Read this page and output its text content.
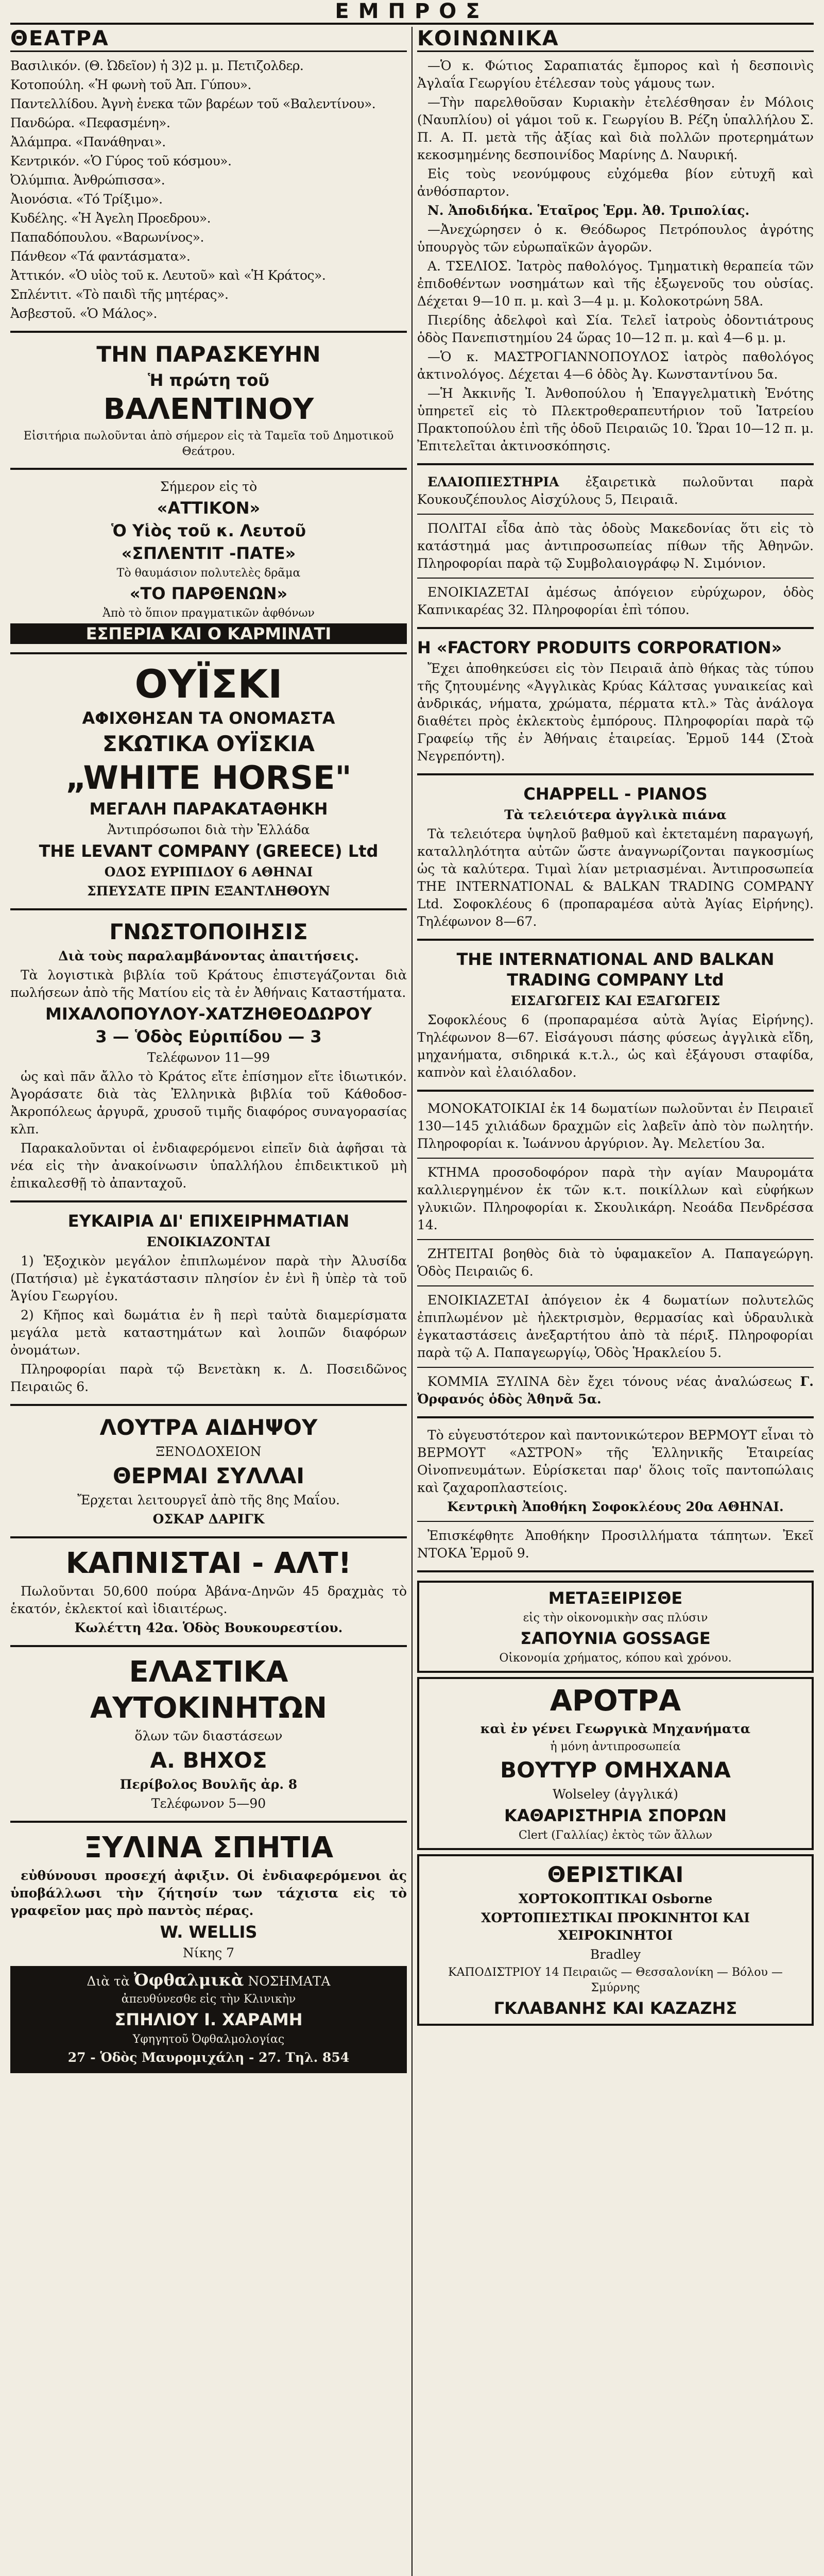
ΕΜΠΡΟΣ
ΘΕΑΤΡΑ

Βασιλικόν. (Θ. Ὠδεῖον) ἡ 3)2 μ. μ. Πετιζολδερ.

Κοτοπούλη. «Ἡ φωνὴ τοῦ Ἀπ. Γύπου».

Παντελλίδου. Ἀγνὴ ἑνεκα τῶν βαρέων τοῦ «Βαλεντίνου».

Πανδώρα. «Πεφασμένη».

Ἀλάμπρα. «Πανάθηναι».

Κεντρικόν. «Ὁ Γύρος τοῦ κόσμου».

Ὀλύμπια. Ἀνθρώπισσα».

Ἀιονόσια. «Τό Τρίξιμο».

Κυδέλης. «Ἡ Ἀγελη Προεδρου».

Παπαδόπουλου. «Βαρωνίνος».

Πάνθεον «Τά φαντάσματα».

Ἀττικόν. «Ὁ υἱὸς τοῦ κ. Λευτοῦ» καὶ «Ἡ Κράτος».

Σπλέντιτ. «Τὸ παιδὶ τῆς μητέρας».

Ἀσβεστοῦ. «Ὁ Μάλος».

ΤΗΝ ΠΑΡΑΣΚΕΥΗΝ
Ἡ πρώτη τοῦ
ΒΑΛΕΝΤΙΝΟΥ

Εἰσιτήρια πωλοῦνται ἀπὸ σήμερον εἰς τὰ Ταμεῖα τοῦ Δημοτικοῦ Θεάτρου.

Σήμερον εἰς τὸ

«ΑΤΤΙΚΟΝ»
Ὁ Υἱὸς τοῦ κ. Λευτοῦ
«ΣΠΛΕΝΤΙΤ -ΠΑΤΕ»

Τὸ θαυμάσιον πολυτελὲς δρᾶμα

«ΤΟ ΠΑΡΘΕΝΩΝ»

Ἀπὸ τὸ ὅπιον πραγματικῶν ἀφθόνων

ΕΣΠΕΡΙΑ ΚΑΙ Ο ΚΑΡΜΙΝΑΤΙ
ΟΥΪΣΚΙ
ΑΦΙΧΘΗΣΑΝ ΤΑ ΟΝΟΜΑΣΤΑ
ΣΚΩΤΙΚΑ ΟΥΪΣΚΙΑ
„WHITE HORSE"
ΜΕΓΑΛΗ ΠΑΡΑΚΑΤΑΘΗΚΗ

Ἀντιπρόσωποι διὰ τὴν Ἑλλάδα

THE LEVANT COMPANY (GREECE) Ltd

ΟΔΟΣ ΕΥΡΙΠΙΔΟΥ 6 ΑΘΗΝΑΙ

ΣΠΕΥΣΑΤΕ ΠΡΙΝ ΕΞΑΝΤΛΗΘΟΥΝ

ΓΝΩΣΤΟΠΟΙΗΣΙΣ

Διὰ τοὺς παραλαμβάνοντας ἀπαιτήσεις.

Τὰ λογιστικὰ βιβλία τοῦ Κράτους ἐπιστεγάζονται διὰ πωλήσεων ἀπὸ τῆς Ματίου εἰς τὰ ἐν Ἀθήναις Καταστήματα.

ΜΙΧΑΛΟΠΟΥΛΟΥ-ΧΑΤΖΗΘΕΟΔΩΡΟΥ
3 — Ὁδὸς Εὐριπίδου — 3

Τελέφωνον 11—99

ὡς καὶ πᾶν ἄλλο τὸ Κράτος εἴτε ἐπίσημον εἴτε ἰδιωτικόν. Ἀγοράσατε διὰ τὰς Ἐλληνικὰ βιβλία τοῦ Κάθοδοσ-Ἀκροπόλεως ἀργυρᾶ, χρυσοῦ τιμῆς διαφόρος συναγορασίας κλπ.

Παρακαλοῦνται οἱ ἐνδιαφερόμενοι εἰπεῖν διὰ ἀφῆσαι τὰ νέα εἰς τὴν ἀνακοίνωσιν ὑπαλλήλου ἐπιδεικτικοῦ μὴ ἐπικαλεσθῇ τὸ ἀπανταχοῦ.

ΕΥΚΑΙΡΙΑ ΔΙ' ΕΠΙΧΕΙΡΗΜΑΤΙΑΝ

ΕΝΟΙΚΙΑΖΟΝΤΑΙ

1) Ἑξοχικὸν μεγάλον ἐπιπλωμένον παρὰ τὴν Ἀλυσίδα (Πατήσια) μὲ ἐγκατάστασιν πλησίον ἐν ἑνὶ ἢ ὑπὲρ τὰ τοῦ Ἁγίου Γεωργίου.

2) Κῆπος καὶ δωμάτια ἐν ἢ περὶ ταὐτὰ διαμερίσματα μεγάλα μετὰ καταστημάτων καὶ λοιπῶν διαφόρων ὀνομάτων.

Πληροφορίαι παρὰ τῷ Βενετὰκη κ. Δ. Ποσειδῶνος Πειραιῶς 6.

ΛΟΥΤΡΑ ΑΙΔΗΨΟΥ

ΞΕΝΟΔΟΧΕΙΟΝ

ΘΕΡΜΑΙ ΣΥΛΛΑΙ

Ἔρχεται λειτουργεῖ ἀπὸ τῆς 8ης Μαΐου.

ΟΣΚΑΡ ΔΑΡΙΓΚ

ΚΑΠΝΙΣΤΑΙ - ΑΛΤ!

Πωλοῦνται 50,600 πούρα Ἀβάνα-Δηνῶν 45 δραχμὰς τὸ ἑκατόν, ἐκλεκτοί καὶ ἰδιαιτέρως.

Κωλέττη 42α. Ὁδὸς Βουκουρεστίου.

ΕΛΑΣΤΙΚΑ
ΑΥΤΟΚΙΝΗΤΩΝ

ὅλων τῶν διαστάσεων

Α. ΒΗΧΟΣ

Περίβολος Βουλῆς ἀρ. 8

Τελέφωνον 5—90

ΞΥΛΙΝΑ ΣΠΗΤΙΑ

εὐθύνουσι προσεχή ἀφιξιν. Οἱ ἐνδιαφερόμενοι ἀς ὑποβάλλωσι τὴν ζήτησίν των τάχιστα εἰς τὸ γραφεῖον μας πρὸ παντὸς πέρας.

W. WELLIS

Νίκης 7

Διὰ τὰ Ὀφθαλμικὰ ΝΟΣΗΜΑΤΑ

ἀπευθύνεσθε εἰς τὴν Κλινικὴν

ΣΠΗΛΙΟΥ Ι. ΧΑΡΑΜΗ

Υφηγητοῦ Ὀφθαλμολογίας

27 - Ὁδὸς Μαυρομιχάλη - 27. Τηλ. 854

ΚΟΙΝΩΝΙΚΑ

—Ὁ κ. Φώτιος Σαραπιατάς ἔμπορος καὶ ἡ δεσποινὶς Ἀγλαΐα Γεωργίου ἐτέλεσαν τοὺς γάμους των.

—Τὴν παρελθοῦσαν Κυριακὴν ἐτελέσθησαν ἐν Μόλοις (Ναυπλίου) οἱ γάμοι τοῦ κ. Γεωργίου Β. Ρέζη ὑπαλλήλου Σ. Π. Α. Π. μετὰ τῆς ἀξίας καὶ διὰ πολλῶν προτερημάτων κεκοσμημένης δεσποινίδος Μαρίνης Δ. Ναυρική.

Εἰς τοὺς νεονύμφους εὐχόμεθα βίον εὐτυχῆ καὶ ἀνθόσπαρτον.

Ν. Ἀποδιδήκα. Ἑταῖρος Ἑρμ. Ἀθ. Τριπολίας.

—Ἀνεχώρησεν ὁ κ. Θεόδωρος Πετρόπουλος ἀγρότης ὑπουργὸς τῶν εὐρωπαϊκῶν ἀγορῶν.

Α. ΤΣΕΛΙΟΣ. Ἰατρὸς παθολόγος. Τμηματικὴ θεραπεία τῶν ἐπιδοθέντων νοσημάτων καὶ τῆς ἐξωγενοῦς του οὐσίας. Δέχεται 9—10 π. μ. καὶ 3—4 μ. μ. Κολοκοτρώνη 58Α.

Πιερίδης ἀδελφοὶ καὶ Σία. Τελεῖ ἰατροὺς ὀδοντιάτρους ὁδὸς Πανεπιστημίου 24 ὥρας 10—12 π. μ. καὶ 4—6 μ. μ.

—Ὁ κ. ΜΑΣΤΡΟΓΙΑΝΝΟΠΟΥΛΟΣ ἰατρὸς παθολόγος ἀκτινολόγος. Δέχεται 4—6 ὁδὸς Ἀγ. Κωνσταντίνου 5α.

—Ἡ Ἀκκινῆς Ἰ. Ἀνθοπούλου ἡ Ἐπαγγελματικὴ Ἑνότης ὑπηρετεῖ εἰς τὸ Πλεκτροθεραπευτήριον τοῦ Ἰατρείου Πρακτοπούλου ἐπὶ τῆς ὁδοῦ Πειραιῶς 10. Ὥραι 10—12 π. μ. Ἐπιτελεῖται ἀκτινοσκόπησις.

ΕΛΑΙΟΠΙΕΣΤΗΡΙΑ ἐξαιρετικὰ πωλοῦνται παρὰ Κουκουζέπουλος Αἰσχύλους 5, Πειραιᾶ.

ΠΟΛΙΤΑΙ εἶδα ἀπὸ τὰς ὁδοὺς Μακεδονίας ὅτι εἰς τὸ κατάστημά μας ἀντιπροσωπείας πίθων τῆς Ἀθηνῶν. Πληροφορίαι παρὰ τῷ Συμβολαιογράφῳ Ν. Σιμόνιον.

ΕΝΟΙΚΙΑΖΕΤΑΙ ἀμέσως ἀπόγειον εὐρύχωρον, ὁδὸς Καπνικαρέας 32. Πληροφορίαι ἐπὶ τόπου.

Η «FACTORY PRODUITS CORPORATION»

Ἔχει ἀποθηκεύσει εἰς τὸν Πειραιᾶ ἀπὸ θήκας τὰς τύπου τῆς ζητουμένης «Ἀγγλικὰς Κρύας Κάλτσας γυναικείας καὶ ἀνδρικάς, νήματα, χρώματα, πέρματα κτλ.» Τὰς ἀνάλογα διαθέτει πρὸς ἐκλεκτοὺς ἐμπόρους. Πληροφορίαι παρὰ τῷ Γραφείῳ τῆς ἐν Ἀθήναις ἑταιρείας. Ἑρμοῦ 144 (Στοὰ Νεγρεπόντη).

CHAPPELL - PIANOS

Τὰ τελειότερα ἀγγλικὰ πιάνα

Τὰ τελειότερα ὑψηλοῦ βαθμοῦ καὶ ἐκτεταμένη παραγωγή, καταλληλότητα αὐτῶν ὥστε ἀναγνωρίζονται παγκοσμίως ὡς τὰ καλύτερα. Τιμαὶ λίαν μετριασμέναι. Ἀντιπροσωπεία THE INTERNATIONAL & BALKAN TRADING COMPANY Ltd. Σοφοκλέους 6 (προπαραμέσα αὐτὰ Ἁγίας Εἰρήνης). Τηλέφωνον 8—67.

THE INTERNATIONAL AND BALKAN TRADING COMPANY Ltd

ΕΙΣΑΓΩΓΕΙΣ ΚΑΙ ΕΞΑΓΩΓΕΙΣ

Σοφοκλέους 6 (προπαραμέσα αὐτὰ Ἁγίας Εἰρήνης). Τηλέφωνον 8—67. Εἰσάγουσι πάσης φύσεως ἀγγλικὰ εἴδη, μηχανήματα, σιδηρικά κ.τ.λ., ὡς καὶ ἐξάγουσι σταφίδα, καπνὸν καὶ ἐλαιόλαδον.

ΜΟΝΟΚΑΤΟΙΚΙΑΙ ἐκ 14 δωματίων πωλοῦνται ἐν Πειραιεῖ 130—145 χιλιάδων δραχμῶν εἰς λαβεῖν ἀπὸ τὸν πωλητήν. Πληροφορίαι κ. Ἰωάννου ἀργύριον. Ἀγ. Μελετίου 3α.

ΚΤΗΜΑ προσοδοφόρον παρὰ τὴν αγίαν Μαυρομάτα καλλιεργημένον ἐκ τῶν κ.τ. ποικίλλων καὶ εὐφήκων γλυκιῶν. Πληροφορίαι κ. Σκουλικάρη. Νεοάδα Πενδρέσσα 14.

ΖΗΤΕΙΤΑΙ βοηθὸς διὰ τὸ ὑφαμακεῖον Α. Παπαγεώργη. Ὁδὸς Πειραιῶς 6.

ΕΝΟΙΚΙΑΖΕΤΑΙ ἀπόγειον ἐκ 4 δωματίων πολυτελῶς ἐπιπλωμένον μὲ ἠλεκτρισμὸν, θερμασίας καὶ ὑδραυλικὰ ἐγκαταστάσεις ἀνεξαρτήτου ἀπὸ τὰ πέριξ. Πληροφορίαι παρὰ τῷ Α. Παπαγεωργίῳ, Ὁδὸς Ἡρακλείου 5.

ΚΟΜΜΙΑ ΞΥΛΙΝΑ δὲν ἔχει τόνους νέας ἀναλώσεως Γ. Ὀρφανός ὁδὸς Ἀθηνᾶ 5α.

Τὸ εὐγευστότερον καὶ παντονικώτερον ΒΕΡΜΟΥΤ εἶναι τὸ ΒΕΡΜΟΥΤ «ΑΣΤΡΟΝ» τῆς Ἑλληνικῆς Ἑταιρείας Οἰνοπνευμάτων. Εὑρίσκεται παρ' ὅλοις τοῖς παντοπώλαις καὶ ζαχαροπλαστείοις.

Κεντρικὴ Ἀποθήκη Σοφοκλέους 20α ΑΘΗΝΑΙ.

Ἐπισκέφθητε Ἀποθήκην Προσιλλήματα τάπητων. Ἐκεῖ ΝΤΟΚΑ Ἑρμοῦ 9.

ΜΕΤΑΞΕΙΡΙΣΘΕ

εἰς τὴν οἰκονομικὴν σας πλύσιν

ΣΑΠΟΥΝΙΑ GOSSAGE

Οἰκονομία χρήματος, κόπου καὶ χρόνου.

ΑΡΟΤΡΑ

καὶ ἐν γένει Γεωργικὰ Μηχανήματα

ἡ μόνη ἀντιπροσωπεία

ΒΟΥΤΥΡ ΟΜΗΧΑΝΑ

Wolseley (ἀγγλικά)

ΚΑΘΑΡΙΣΤΗΡΙΑ ΣΠΟΡΩΝ

Clert (Γαλλίας) ἐκτὸς τῶν ἄλλων

ΘΕΡΙΣΤΙΚΑΙ

ΧΟΡΤΟΚΟΠΤΙΚΑΙ Osborne

ΧΟΡΤΟΠΙΕΣΤΙΚΑΙ ΠΡΟΚΙΝΗΤΟΙ ΚΑΙ ΧΕΙΡΟΚΙΝΗΤΟΙ

Bradley

ΚΑΠΟΔΙΣΤΡΙΟΥ 14 Πειραιῶς — Θεσσαλονίκη — Βόλου — Σμύρνης

ΓΚΛΑΒΑΝΗΣ ΚΑΙ ΚΑΖΑΖΗΣ
